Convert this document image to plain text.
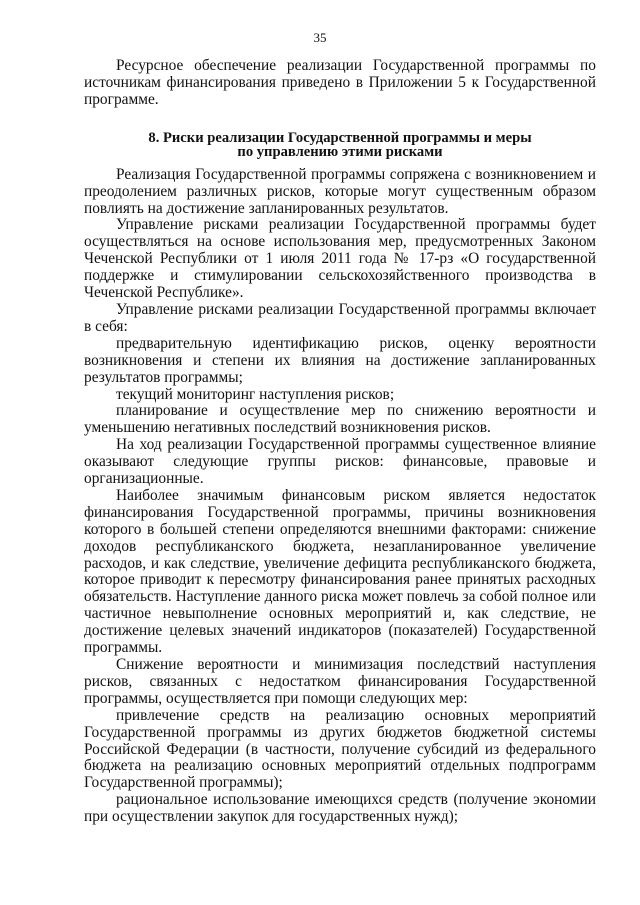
35

Ресурсное обеспечение реализации Государственной программы по источникам финансирования приведено в Приложении 5 к Государственной программе.

8. Риски реализации Государственной программы и меры
по управлению этими рисками

Реализация Государственной программы сопряжена с возникновением и преодолением различных рисков, которые могут существенным образом повлиять на достижение запланированных результатов.

Управление рисками реализации Государственной программы будет осуществляться на основе использования мер, предусмотренных Законом Чеченской Республики от 1 июля 2011 года № 17-рз «О государственной поддержке и стимулировании сельскохозяйственного производства в Чеченской Республике».

Управление рисками реализации Государственной программы включает в себя:

предварительную идентификацию рисков, оценку вероятности возникновения и степени их влияния на достижение запланированных результатов программы;

текущий мониторинг наступления рисков;

планирование и осуществление мер по снижению вероятности и уменьшению негативных последствий возникновения рисков.

На ход реализации Государственной программы существенное влияние оказывают следующие группы рисков: финансовые, правовые и организационные.

Наиболее значимым финансовым риском является недостаток финансирования Государственной программы, причины возникновения которого в большей степени определяются внешними факторами: снижение доходов республиканского бюджета, незапланированное увеличение расходов, и как следствие, увеличение дефицита республиканского бюджета, которое приводит к пересмотру финансирования ранее принятых расходных обязательств. Наступление данного риска может повлечь за собой полное или частичное невыполнение основных мероприятий и, как следствие, не достижение целевых значений индикаторов (показателей) Государственной программы.

Снижение вероятности и минимизация последствий наступления рисков, связанных с недостатком финансирования Государственной программы, осуществляется при помощи следующих мер:

привлечение средств на реализацию основных мероприятий Государственной программы из других бюджетов бюджетной системы Российской Федерации (в частности, получение субсидий из федерального бюджета на реализацию основных мероприятий отдельных подпрограмм Государственной программы);

рациональное использование имеющихся средств (получение экономии при осуществлении закупок для государственных нужд);
